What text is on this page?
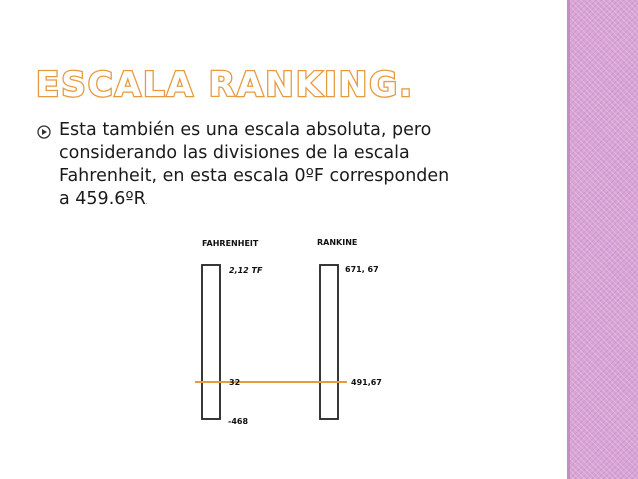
ESCALA RANKING.
Esta también es una escala absoluta, pero
considerando las divisiones de la escala
Fahrenheit, en esta escala 0ºF corresponden
a 459.6ºR.
FAHRENHEIT	RANKINE
2,12 TF
32
-468
671, 67
491,67
